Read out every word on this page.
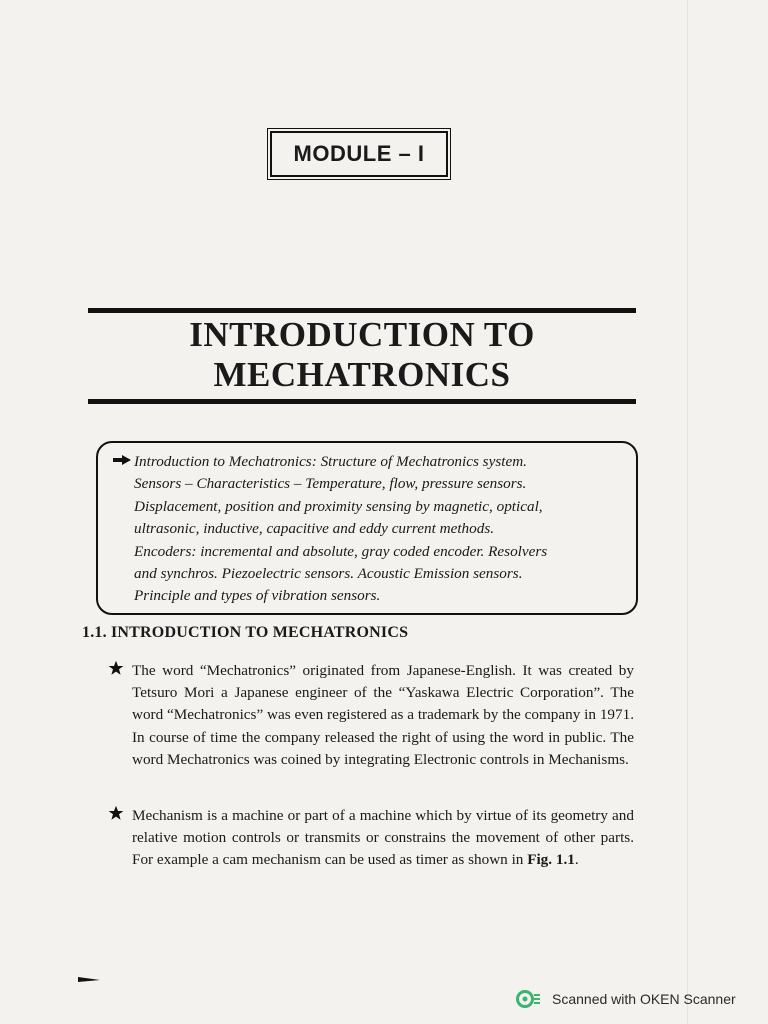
MODULE – I
INTRODUCTION TO
MECHATRONICS
Introduction to Mechatronics: Structure of Mechatronics system.
Sensors – Characteristics – Temperature, flow, pressure sensors.
Displacement, position and proximity sensing by magnetic, optical,
ultrasonic, inductive, capacitive and eddy current methods.
Encoders: incremental and absolute, gray coded encoder. Resolvers
and synchros. Piezoelectric sensors. Acoustic Emission sensors.
Principle and types of vibration sensors.
1.1. INTRODUCTION TO MECHATRONICS
The word “Mechatronics” originated from Japanese-English. It was created by Tetsuro Mori a Japanese engineer of the “Yaskawa Electric Corporation”. The word “Mechatronics” was even registered as a trademark by the company in 1971. In course of time the company released the right of using the word in public. The word Mechatronics was coined by integrating Electronic controls in Mechanisms.
Mechanism is a machine or part of a machine which by virtue of its geometry and relative motion controls or transmits or constrains the movement of other parts. For example a cam mechanism can be used as timer as shown in Fig. 1.1.
Scanned with OKEN Scanner
